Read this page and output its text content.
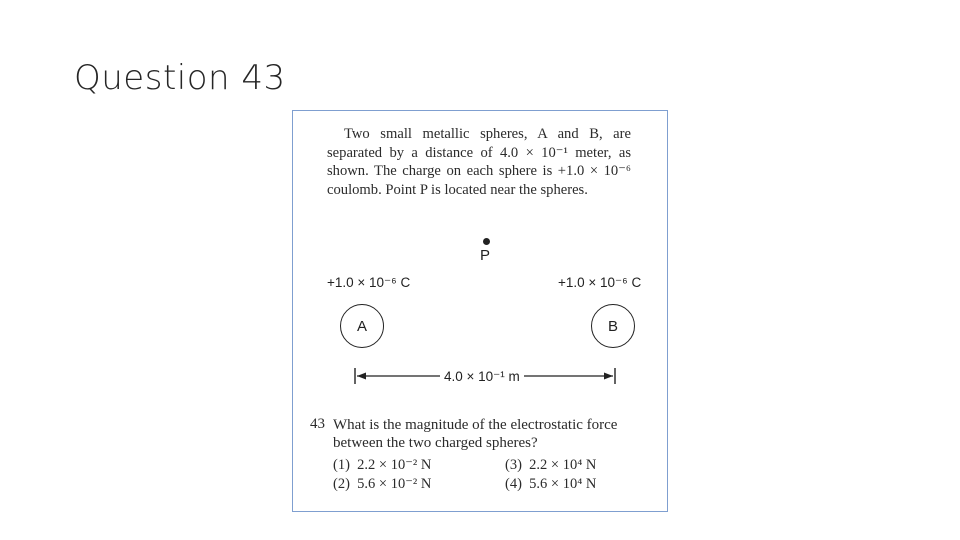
Question 43
Two small metallic spheres, A and B, are separated by a distance of 4.0 × 10⁻¹ meter, as shown. The charge on each sphere is +1.0 × 10⁻⁶ coulomb. Point P is located near the spheres.
P
+1.0 × 10⁻⁶ C	+1.0 × 10⁻⁶ C
A	B
4.0 × 10⁻¹ m
43 What is the magnitude of the electrostatic force between the two charged spheres?
(1)  2.2 × 10⁻² N
(2)  5.6 × 10⁻² N
(3)  2.2 × 10⁴ N
(4)  5.6 × 10⁴ N
